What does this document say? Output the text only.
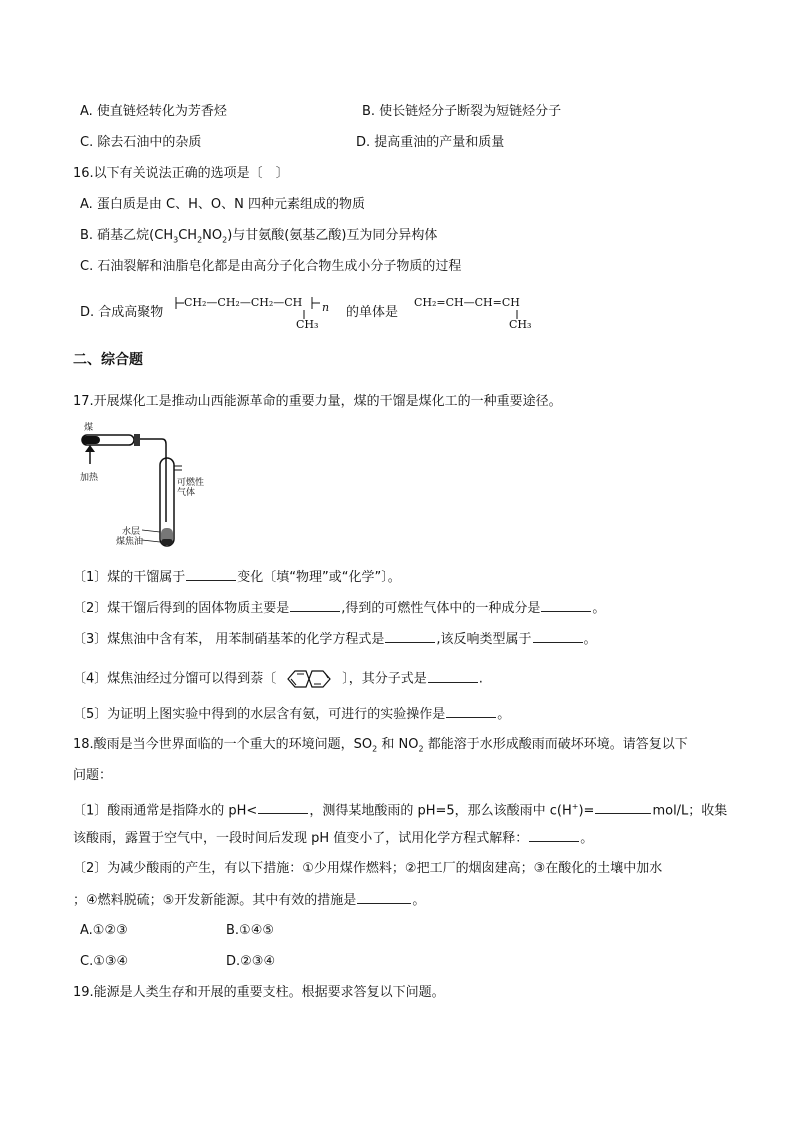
A. 使直链烃转化为芳香烃	B. 使长链烃分子断裂为短链烃分子
C. 除去石油中的杂质	D. 提高重油的产量和质量
16.以下有关说法正确的选项是〔　〕
A. 蛋白质是由 C、H、O、N 四种元素组成的物质
B. 硝基乙烷$(CH_3CH_2NO_2)$与甘氨酸(氨基乙酸)互为同分异构体
C. 石油裂解和油脂皂化都是由高分子化合物生成小分子物质的过程
D. 合成高聚物
CH₂—CH₂—CH₂—CH n
CH₃
的单体是
CH₂=CH—CH=CH
CH₃
二、综合题
17.开展煤化工是推动山西能源革命的重要力量，煤的干馏是煤化工的一种重要途径。
煤
加热	可燃性
气体
水层
煤焦油
〔1〕煤的干馏属于	变化〔填“物理”或“化学”〕。
〔2〕煤干馏后得到的固体物质主要是	,得到的可燃性气体中的一种成分是	。
〔3〕煤焦油中含有苯， 用苯制硝基苯的化学方程式是	,该反响类型属于	。
〔4〕煤焦油经过分馏可以得到萘〔	〕，其分子式是	.
〔5〕为证明上图实验中得到的水层含有氨，可进行的实验操作是	。
18.酸雨是当今世界面临的一个重大的环境问题，$SO_2$ 和 $NO_2$ 都能溶于水形成酸雨而破坏环境。请答复以下
问题：
〔1〕酸雨通常是指降水的 pH<	，测得某地酸雨的 pH=5，那么该酸雨中 c(H+)=	mol/L；收集
该酸雨，露置于空气中，一段时间后发现 pH 值变小了，试用化学方程式解释：	。
〔2〕为减少酸雨的产生，有以下措施：①少用煤作燃料；②把工厂的烟囱建高；③在酸化的土壤中加水
；④燃料脱硫；⑤开发新能源。其中有效的措施是	。
A.①②③	B.①④⑤
C.①③④	D.②③④
19.能源是人类生存和开展的重要支柱。根据要求答复以下问题。
